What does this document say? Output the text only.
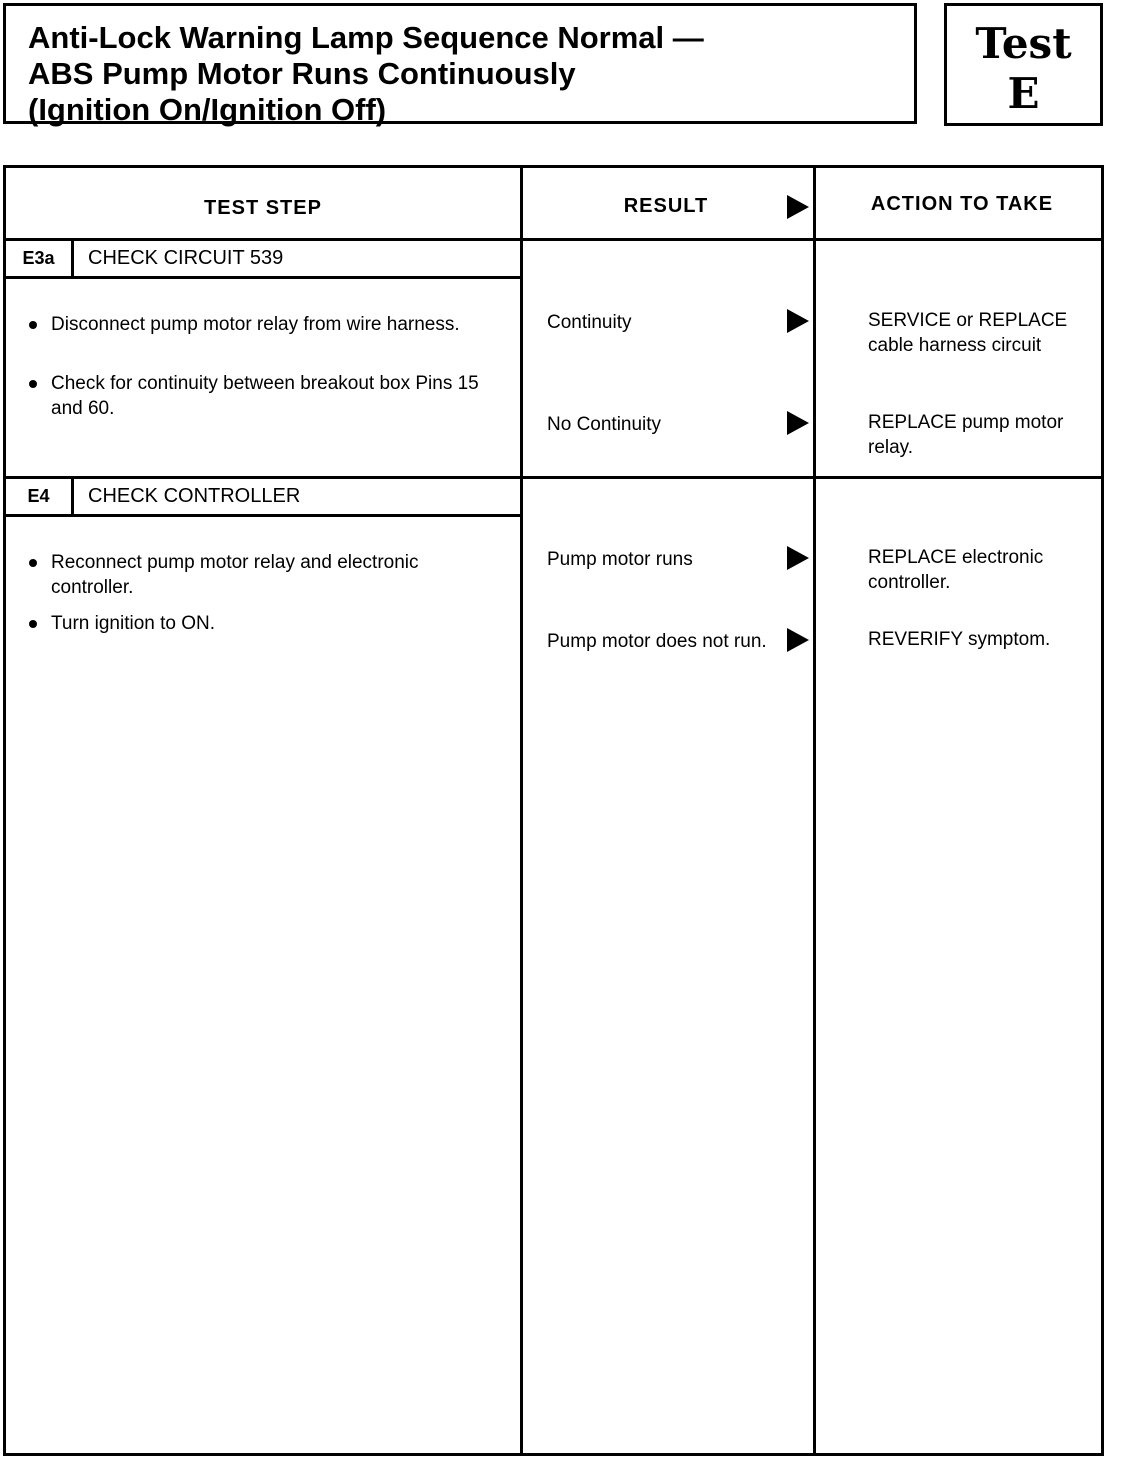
Anti-Lock Warning Lamp Sequence Normal —
ABS Pump Motor Runs Continuously
(Ignition On/Ignition Off)
Test
E
TEST STEP	RESULT	ACTION TO TAKE
E3a	CHECK CIRCUIT 539
Disconnect pump motor relay from wire harness.
Check for continuity between breakout box Pins 15 and 60.
Continuity	SERVICE or REPLACE cable harness circuit
No Continuity	REPLACE pump motor relay.
E4	CHECK CONTROLLER
Reconnect pump motor relay and electronic controller.
Turn ignition to ON.
Pump motor runs	REPLACE electronic controller.
Pump motor does not run.	REVERIFY symptom.
